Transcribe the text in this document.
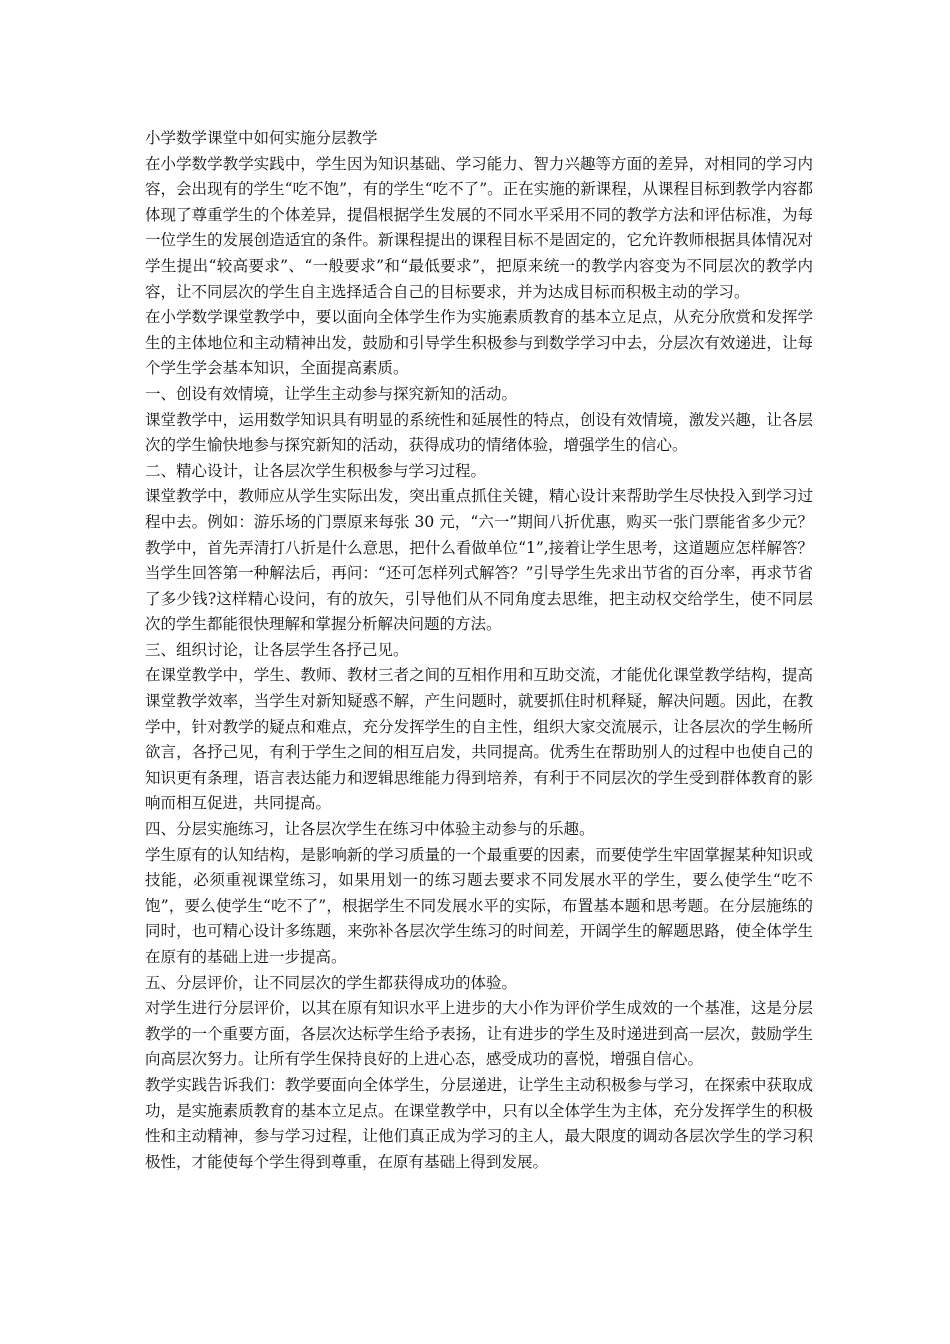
小学数学课堂中如何实施分层教学

在小学数学教学实践中，学生因为知识基础、学习能力、智力兴趣等方面的差异，对相同的学习内容，会出现有的学生“吃不饱”，有的学生“吃不了”。正在实施的新课程，从课程目标到教学内容都体现了尊重学生的个体差异，提倡根据学生发展的不同水平采用不同的教学方法和评估标准，为每一位学生的发展创造适宜的条件。新课程提出的课程目标不是固定的，它允许教师根据具体情况对学生提出“较高要求”、“一般要求”和“最低要求”，把原来统一的教学内容变为不同层次的教学内容，让不同层次的学生自主选择适合自己的目标要求，并为达成目标而积极主动的学习。

在小学数学课堂教学中，要以面向全体学生作为实施素质教育的基本立足点，从充分欣赏和发挥学生的主体地位和主动精神出发，鼓励和引导学生积极参与到数学学习中去，分层次有效递进，让每个学生学会基本知识，全面提高素质。

一、创设有效情境，让学生主动参与探究新知的活动。

课堂教学中，运用数学知识具有明显的系统性和延展性的特点，创设有效情境，激发兴趣，让各层次的学生愉快地参与探究新知的活动，获得成功的情绪体验，增强学生的信心。

二、精心设计，让各层次学生积极参与学习过程。

课堂教学中，教师应从学生实际出发，突出重点抓住关键，精心设计来帮助学生尽快投入到学习过程中去。例如：游乐场的门票原来每张 30 元，“六一”期间八折优惠，购买一张门票能省多少元？教学中，首先弄清打八折是什么意思，把什么看做单位“1”,接着让学生思考，这道题应怎样解答？当学生回答第一种解法后，再问：“还可怎样列式解答？”引导学生先求出节省的百分率，再求节省了多少钱?这样精心设问，有的放矢，引导他们从不同角度去思维，把主动权交给学生，使不同层次的学生都能很快理解和掌握分析解决问题的方法。

三、组织讨论，让各层学生各抒己见。

在课堂教学中，学生、教师、教材三者之间的互相作用和互助交流，才能优化课堂教学结构，提高课堂教学效率，当学生对新知疑惑不解，产生问题时，就要抓住时机释疑，解决问题。因此，在教学中，针对教学的疑点和难点，充分发挥学生的自主性，组织大家交流展示，让各层次的学生畅所欲言，各抒己见，有利于学生之间的相互启发，共同提高。优秀生在帮助别人的过程中也使自己的知识更有条理，语言表达能力和逻辑思维能力得到培养，有利于不同层次的学生受到群体教育的影响而相互促进，共同提高。

四、分层实施练习，让各层次学生在练习中体验主动参与的乐趣。

学生原有的认知结构，是影响新的学习质量的一个最重要的因素，而要使学生牢固掌握某种知识或技能，必须重视课堂练习，如果用划一的练习题去要求不同发展水平的学生，要么使学生“吃不饱”，要么使学生“吃不了”，根据学生不同发展水平的实际，布置基本题和思考题。在分层施练的同时，也可精心设计多练题，来弥补各层次学生练习的时间差，开阔学生的解题思路，使全体学生在原有的基础上进一步提高。

五、分层评价，让不同层次的学生都获得成功的体验。

对学生进行分层评价，以其在原有知识水平上进步的大小作为评价学生成效的一个基准，这是分层教学的一个重要方面，各层次达标学生给予表扬，让有进步的学生及时递进到高一层次，鼓励学生向高层次努力。让所有学生保持良好的上进心态，感受成功的喜悦，增强自信心。

教学实践告诉我们：教学要面向全体学生，分层递进，让学生主动积极参与学习，在探索中获取成功，是实施素质教育的基本立足点。在课堂教学中，只有以全体学生为主体，充分发挥学生的积极性和主动精神，参与学习过程，让他们真正成为学习的主人，最大限度的调动各层次学生的学习积极性，才能使每个学生得到尊重，在原有基础上得到发展。
